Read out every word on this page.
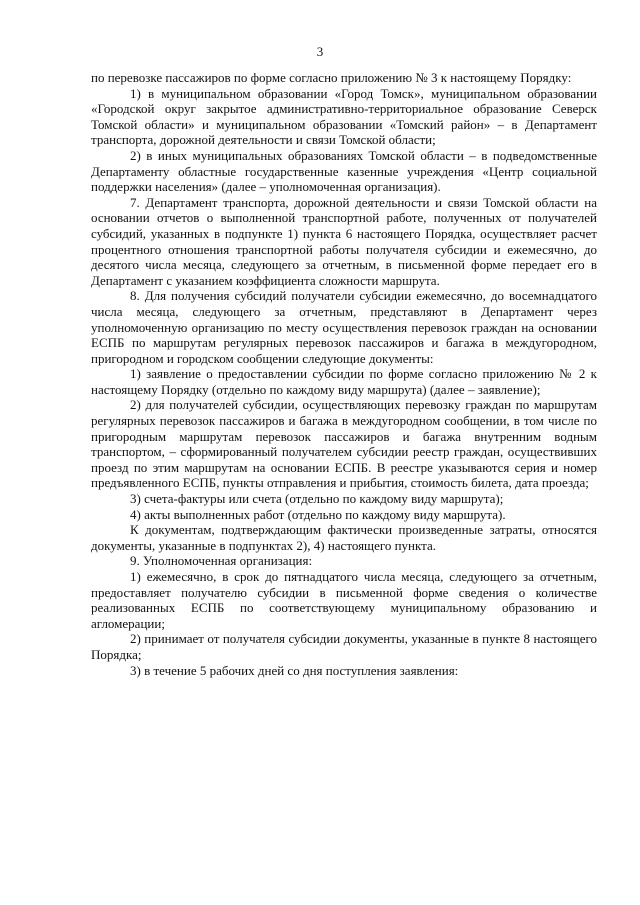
3

по перевозке пассажиров по форме согласно приложению № 3 к настоящему Порядку:

1) в муниципальном образовании «Город Томск», муниципальном образовании «Городской округ закрытое административно-территориальное образование Северск Томской области» и муниципальном образовании «Томский район» – в Департамент транспорта, дорожной деятельности и связи Томской области;

2) в иных муниципальных образованиях Томской области – в подведомственные Департаменту областные государственные казенные учреждения «Центр социальной поддержки населения» (далее – уполномоченная организация).

7. Департамент транспорта, дорожной деятельности и связи Томской области на основании отчетов о выполненной транспортной работе, полученных от получателей субсидий, указанных в подпункте 1) пункта 6 настоящего Порядка, осуществляет расчет процентного отношения транспортной работы получателя субсидии и ежемесячно, до десятого числа месяца, следующего за отчетным, в письменной форме передает его в Департамент с указанием коэффициента сложности маршрута.

8. Для получения субсидий получатели субсидии ежемесячно, до восемнадцатого числа месяца, следующего за отчетным, представляют в Департамент через уполномоченную организацию по месту осуществления перевозок граждан на основании ЕСПБ по маршрутам регулярных перевозок пассажиров и багажа в междугородном, пригородном и городском сообщении следующие документы:

1) заявление о предоставлении субсидии по форме согласно приложению № 2 к настоящему Порядку (отдельно по каждому виду маршрута) (далее – заявление);

2) для получателей субсидии, осуществляющих перевозку граждан по маршрутам регулярных перевозок пассажиров и багажа в междугородном сообщении, в том числе по пригородным маршрутам перевозок пассажиров и багажа внутренним водным транспортом, – сформированный получателем субсидии реестр граждан, осуществивших проезд по этим маршрутам на основании ЕСПБ. В реестре указываются серия и номер предъявленного ЕСПБ, пункты отправления и прибытия, стоимость билета, дата проезда;

3) счета-фактуры или счета (отдельно по каждому виду маршрута);

4) акты выполненных работ (отдельно по каждому виду маршрута).

К документам, подтверждающим фактически произведенные затраты, относятся документы, указанные в подпунктах 2), 4) настоящего пункта.

9. Уполномоченная организация:

1) ежемесячно, в срок до пятнадцатого числа месяца, следующего за отчетным, предоставляет получателю субсидии в письменной форме сведения о количестве реализованных ЕСПБ по соответствующему муниципальному образованию и агломерации;

2) принимает от получателя субсидии документы, указанные в пункте 8 настоящего Порядка;

3) в течение 5 рабочих дней со дня поступления заявления:
